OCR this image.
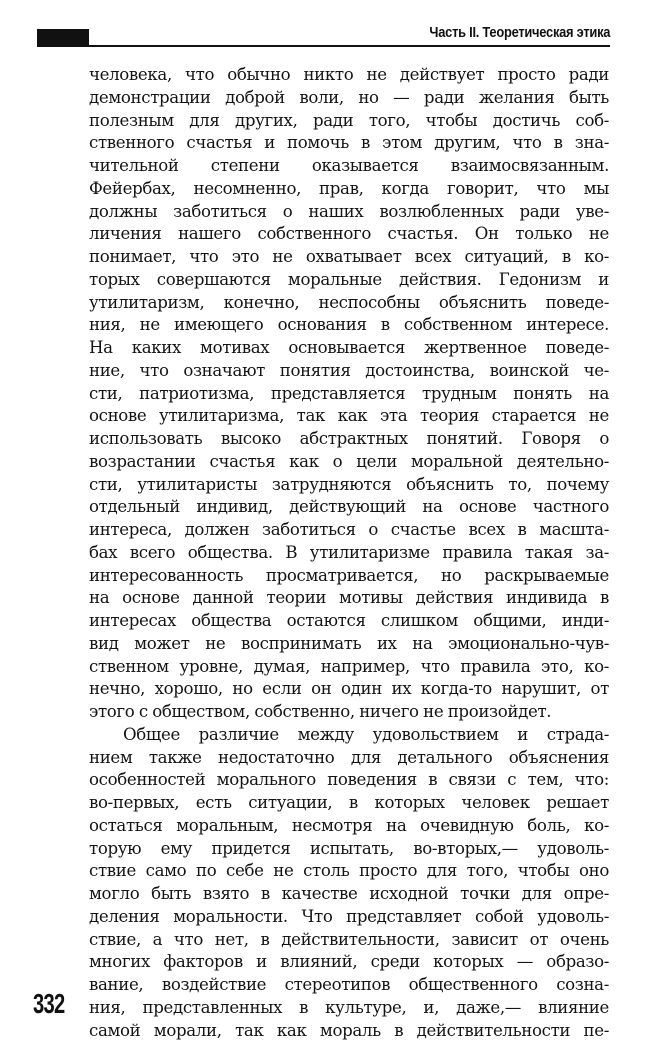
Часть II. Теоретическая этика
человека, что обычно никто не действует просто ради
демонстрации доброй воли, но — ради желания быть
полезным для других, ради того, чтобы достичь соб-
ственного счастья и помочь в этом другим, что в зна-
чительной степени оказывается взаимосвязанным.
Фейербах, несомненно, прав, когда говорит, что мы
должны заботиться о наших возлюбленных ради уве-
личения нашего собственного счастья. Он только не
понимает, что это не охватывает всех ситуаций, в ко-
торых совершаются моральные действия. Гедонизм и
утилитаризм, конечно, неспособны объяснить поведе-
ния, не имеющего основания в собственном интересе.
На каких мотивах основывается жертвенное поведе-
ние, что означают понятия достоинства, воинской че-
сти, патриотизма, представляется трудным понять на
основе утилитаризма, так как эта теория старается не
использовать высоко абстрактных понятий. Говоря о
возрастании счастья как о цели моральной деятельно-
сти, утилитаристы затрудняются объяснить то, почему
отдельный индивид, действующий на основе частного
интереса, должен заботиться о счастье всех в масшта-
бах всего общества. В утилитаризме правила такая за-
интересованность просматривается, но раскрываемые
на основе данной теории мотивы действия индивида в
интересах общества остаются слишком общими, инди-
вид может не воспринимать их на эмоционально-чув-
ственном уровне, думая, например, что правила это, ко-
нечно, хорошо, но если он один их когда-то нарушит, от
этого с обществом, собственно, ничего не произойдет.
Общее различие между удовольствием и страда-
нием также недостаточно для детального объяснения
особенностей морального поведения в связи с тем, что:
во-первых, есть ситуации, в которых человек решает
остаться моральным, несмотря на очевидную боль, ко-
торую ему придется испытать, во-вторых,— удоволь-
ствие само по себе не столь просто для того, чтобы оно
могло быть взято в качестве исходной точки для опре-
деления моральности. Что представляет собой удоволь-
ствие, а что нет, в действительности, зависит от очень
многих факторов и влияний, среди которых — образо-
вание, воздействие стереотипов общественного созна-
ния, представленных в культуре, и, даже,— влияние
самой морали, так как мораль в действительности пе-
332
